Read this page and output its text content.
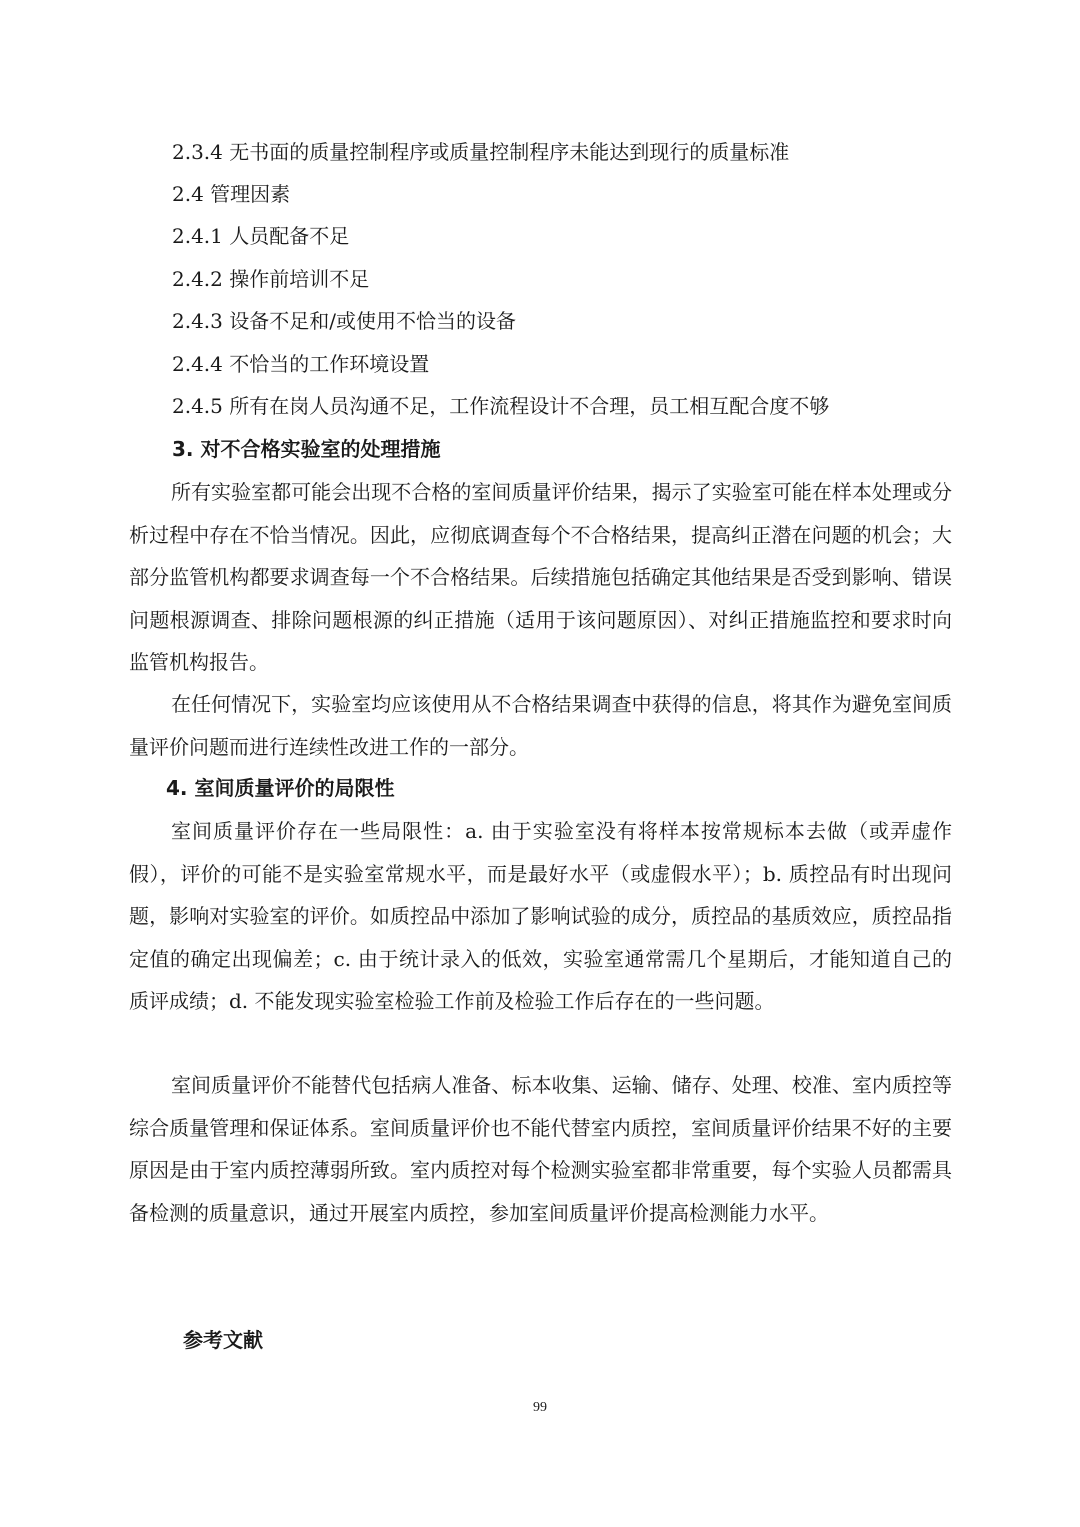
2.3.4 无书面的质量控制程序或质量控制程序未能达到现行的质量标准
2.4 管理因素
2.4.1 人员配备不足
2.4.2 操作前培训不足
2.4.3 设备不足和/或使用不恰当的设备
2.4.4 不恰当的工作环境设置
2.4.5 所有在岗人员沟通不足，工作流程设计不合理，员工相互配合度不够
3. 对不合格实验室的处理措施
所有实验室都可能会出现不合格的室间质量评价结果，揭示了实验室可能在样本处理或分析过程中存在不恰当情况。因此，应彻底调查每个不合格结果，提高纠正潜在问题的机会；大部分监管机构都要求调查每一个不合格结果。后续措施包括确定其他结果是否受到影响、错误问题根源调查、排除问题根源的纠正措施（适用于该问题原因）、对纠正措施监控和要求时向监管机构报告。
在任何情况下，实验室均应该使用从不合格结果调查中获得的信息，将其作为避免室间质量评价问题而进行连续性改进工作的一部分。
4. 室间质量评价的局限性
室间质量评价存在一些局限性：a. 由于实验室没有将样本按常规标本去做（或弄虚作假），评价的可能不是实验室常规水平，而是最好水平（或虚假水平）；b. 质控品有时出现问题，影响对实验室的评价。如质控品中添加了影响试验的成分，质控品的基质效应，质控品指定值的确定出现偏差；c. 由于统计录入的低效，实验室通常需几个星期后，才能知道自己的质评成绩；d. 不能发现实验室检验工作前及检验工作后存在的一些问题。
室间质量评价不能替代包括病人准备、标本收集、运输、储存、处理、校准、室内质控等综合质量管理和保证体系。室间质量评价也不能代替室内质控，室间质量评价结果不好的主要原因是由于室内质控薄弱所致。室内质控对每个检测实验室都非常重要，每个实验人员都需具备检测的质量意识，通过开展室内质控，参加室间质量评价提高检测能力水平。
参考文献
99
